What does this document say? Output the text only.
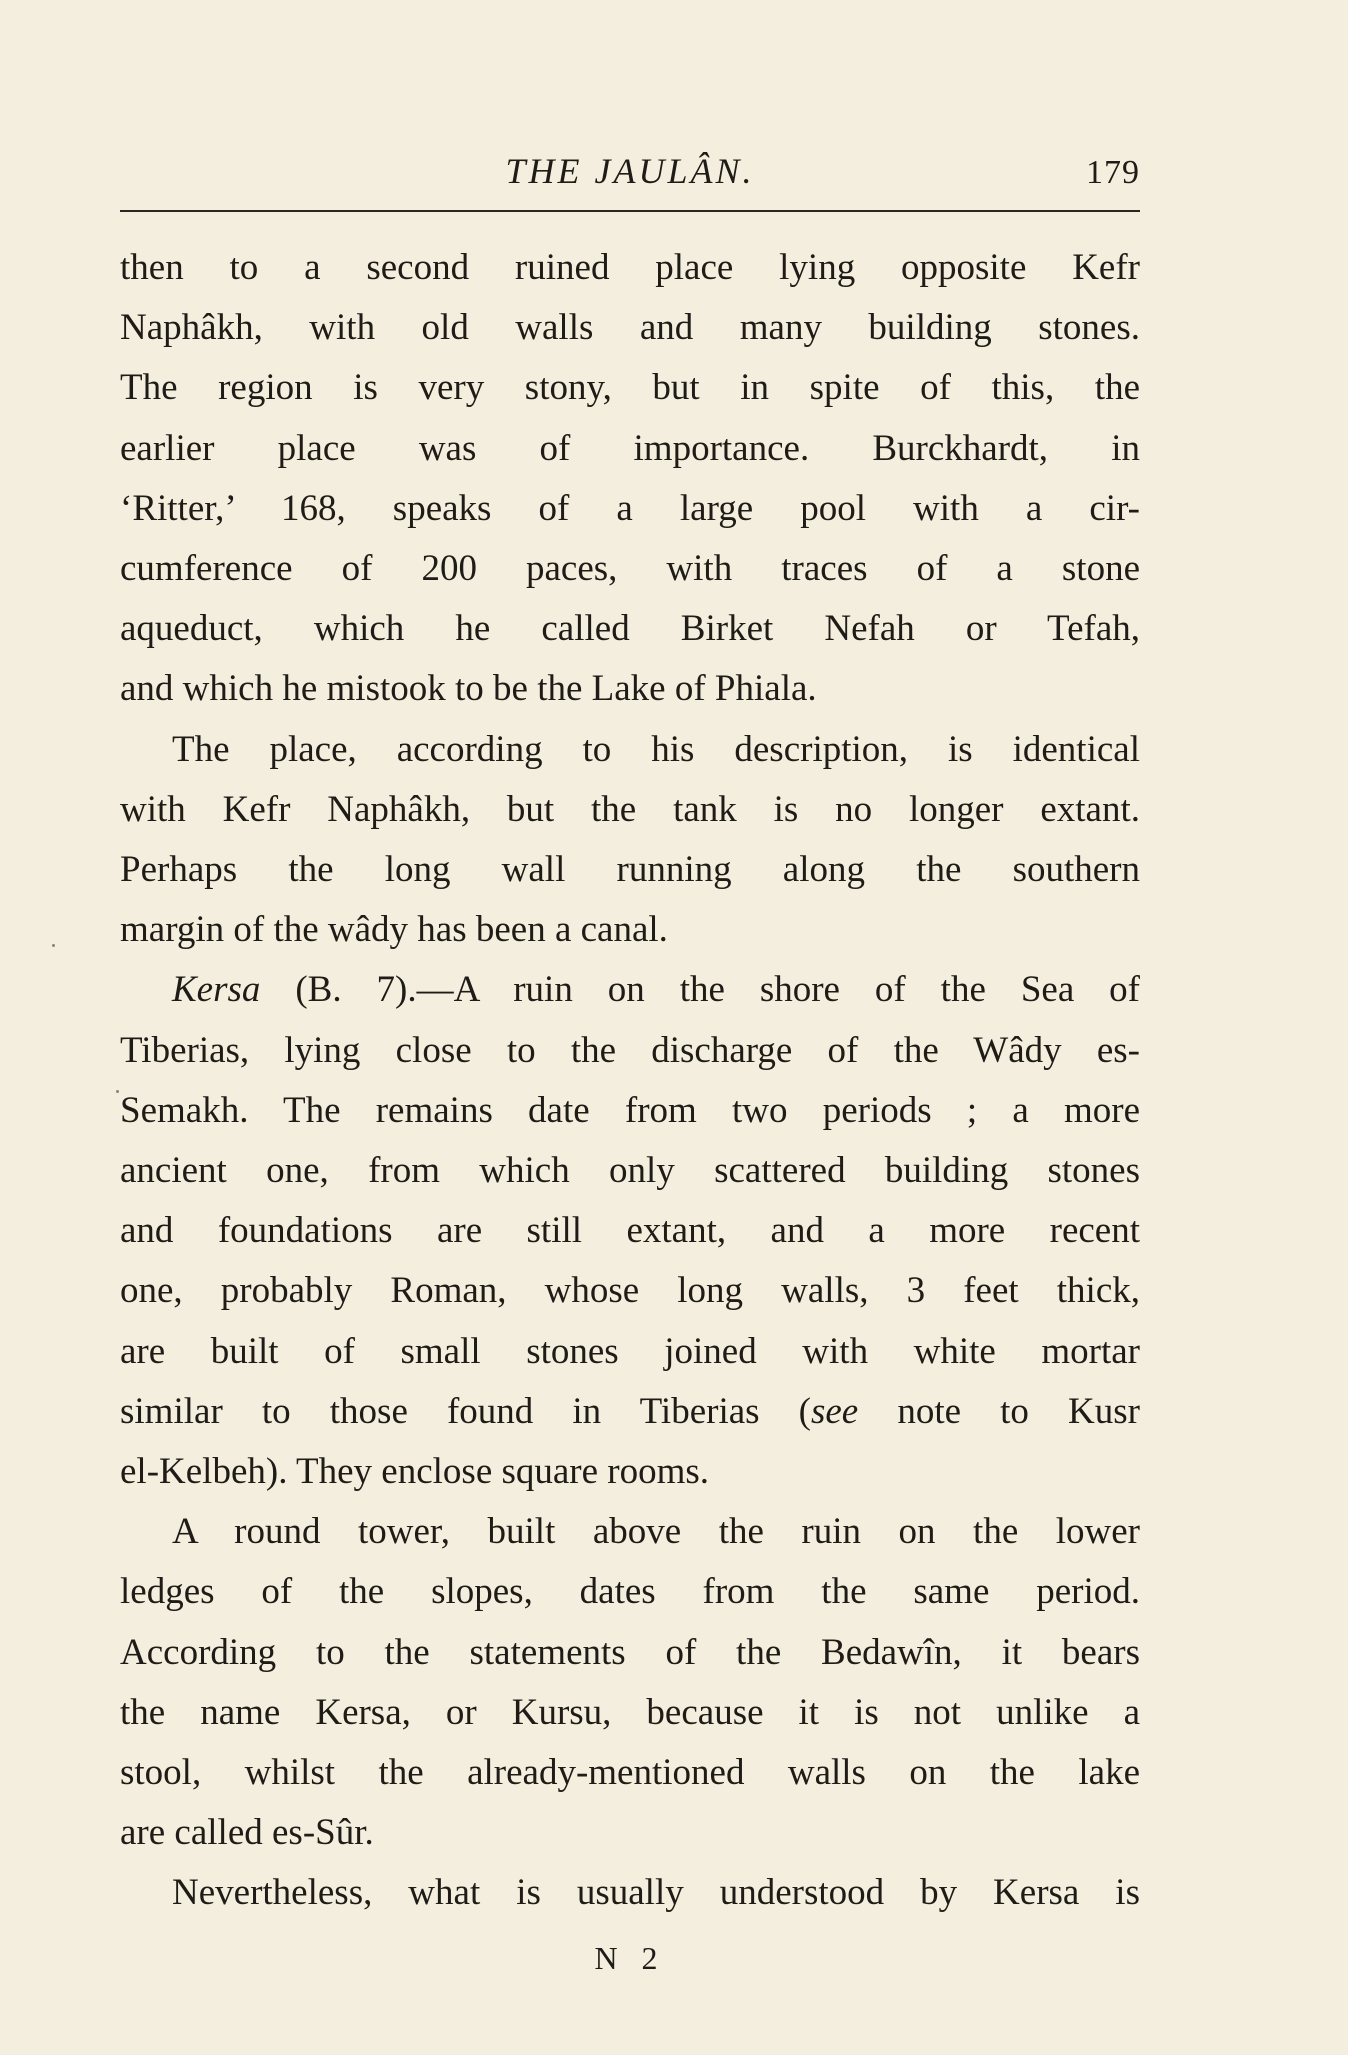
THE JAULÂN.	179

then to a second ruined place lying opposite Kefr
Naphâkh, with old walls and many building stones.
The region is very stony, but in spite of this, the
earlier place was of importance. Burckhardt, in
‘Ritter,’ 168, speaks of a large pool with a cir-
cumference of 200 paces, with traces of a stone
aqueduct, which he called Birket Nefah or Tefah,
and which he mistook to be the Lake of Phiala.

The place, according to his description, is identical
with Kefr Naphâkh, but the tank is no longer extant.
Perhaps the long wall running along the southern
margin of the wâdy has been a canal.

Kersa (B. 7).—A ruin on the shore of the Sea of
Tiberias, lying close to the discharge of the Wâdy es-
Semakh. The remains date from two periods ; a more
ancient one, from which only scattered building stones
and foundations are still extant, and a more recent
one, probably Roman, whose long walls, 3 feet thick,
are built of small stones joined with white mortar
similar to those found in Tiberias (see note to Kusr
el-Kelbeh). They enclose square rooms.

A round tower, built above the ruin on the lower
ledges of the slopes, dates from the same period.
According to the statements of the Bedawîn, it bears
the name Kersa, or Kursu, because it is not unlike a
stool, whilst the already-mentioned walls on the lake
are called es-Sûr.

Nevertheless, what is usually understood by Kersa is

N 2
